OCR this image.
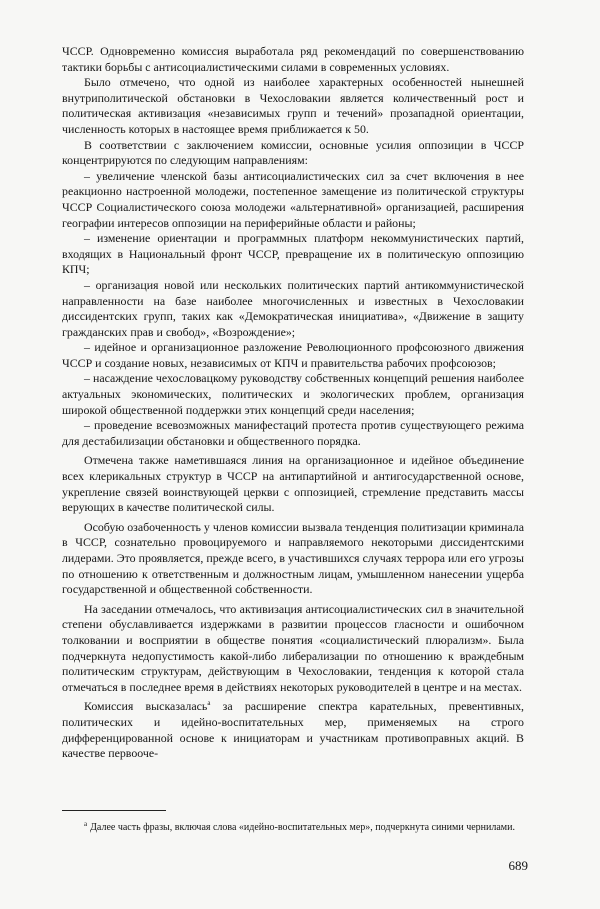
ЧССР. Одновременно комиссия выработала ряд рекомендаций по совершенствованию тактики борьбы с антисоциалистическими силами в современных условиях.

Было отмечено, что одной из наиболее характерных особенностей нынешней внутриполитической обстановки в Чехословакии является количественный рост и политическая активизация «независимых групп и течений» прозападной ориентации, численность которых в настоящее время приближается к 50.

В соответствии с заключением комиссии, основные усилия оппозиции в ЧССР концентрируются по следующим направлениям:

– увеличение членской базы антисоциалистических сил за счет включения в нее реакционно настроенной молодежи, постепенное замещение из политической структуры ЧССР Социалистического союза молодежи «альтернативной» организацией, расширения географии интересов оппозиции на периферийные области и районы;

– изменение ориентации и программных платформ некоммунистических партий, входящих в Национальный фронт ЧССР, превращение их в политическую оппозицию КПЧ;

– организация новой или нескольких политических партий антикоммунистической направленности на базе наиболее многочисленных и известных в Чехословакии диссидентских групп, таких как «Демократическая инициатива», «Движение в защиту гражданских прав и свобод», «Возрождение»;

– идейное и организационное разложение Революционного профсоюзного движения ЧССР и создание новых, независимых от КПЧ и правительства рабочих профсоюзов;

– насаждение чехословацкому руководству собственных концепций решения наиболее актуальных экономических, политических и экологических проблем, организация широкой общественной поддержки этих концепций среди населения;

– проведение всевозможных манифестаций протеста против существующего режима для дестабилизации обстановки и общественного порядка.

Отмечена также наметившаяся линия на организационное и идейное объединение всех клерикальных структур в ЧССР на антипартийной и антигосударственной основе, укрепление связей воинствующей церкви с оппозицией, стремление представить массы верующих в качестве политической силы.

Особую озабоченность у членов комиссии вызвала тенденция политизации криминала в ЧССР, сознательно провоцируемого и направляемого некоторыми диссидентскими лидерами. Это проявляется, прежде всего, в участившихся случаях террора или его угрозы по отношению к ответственным и должностным лицам, умышленном нанесении ущерба государственной и общественной собственности.

На заседании отмечалось, что активизация антисоциалистических сил в значительной степени обуславливается издержками в развитии процессов гласности и ошибочном толковании и восприятии в обществе понятия «социалистический плюрализм». Была подчеркнута недопустимость какой-либо либерализации по отношению к враждебным политическим структурам, действующим в Чехословакии, тенденция к которой стала отмечаться в последнее время в действиях некоторых руководителей в центре и на местах.

Комиссия высказалась$^a$ за расширение спектра карательных, превентивных, политических и идейно-воспитательных мер, применяемых на строго дифференцированной основе к инициаторам и участникам противоправных акций. В качестве первооче-

$^a$ Далее часть фразы, включая слова «идейно-воспитательных мер», подчеркнута синими чернилами.
689
